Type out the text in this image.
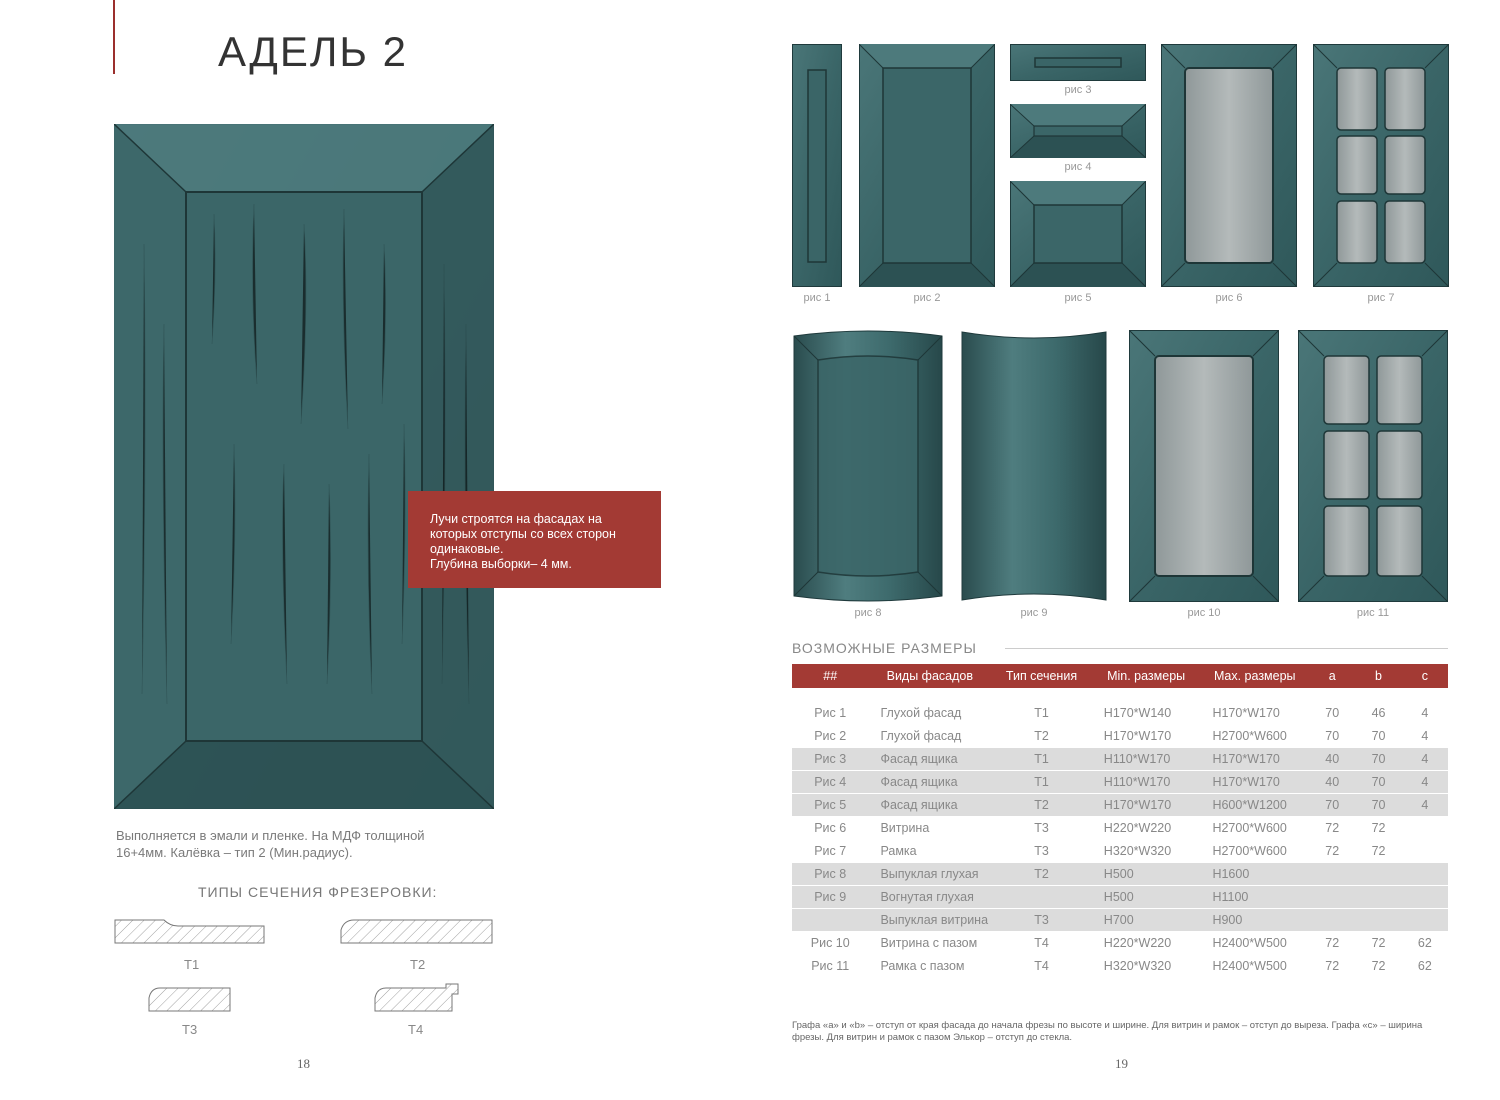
АДЕЛЬ 2
Лучи строятся на фасадах на
которых отступы со всех сторон
одинаковые.
Глубина выборки– 4 мм.
Выполняется в эмали и пленке. На МДФ толщиной
16+4мм. Калёвка – тип 2 (Мин.радиус).
ТИПЫ СЕЧЕНИЯ ФРЕЗЕРОВКИ:
T1	T2
T3	T4
18
рис 1	рис 2
рис 3
рис 4
рис 5	рис 6	рис 7
рис 8	рис 9	рис 10	рис 11
ВОЗМОЖНЫЕ РАЗМЕРЫ
##	Виды фасадов	Тип сечения	Min. размеры	Max. размеры	a	b	c

Рис 1	Глухой фасад	T1	H170*W140	H170*W170	70	46	4
Рис 2	Глухой фасад	T2	H170*W170	H2700*W600	70	70	4
Рис 3	Фасад ящика	T1	H110*W170	H170*W170	40	70	4
Рис 4	Фасад ящика	T1	H110*W170	H170*W170	40	70	4
Рис 5	Фасад ящика	T2	H170*W170	H600*W1200	70	70	4
Рис 6	Витрина	T3	H220*W220	H2700*W600	72	72	
Рис 7	Рамка	T3	H320*W320	H2700*W600	72	72	
Рис 8	Выпуклая глухая	T2	H500	H1600			
Рис 9	Вогнутая глухая		H500	H1100			
	Выпуклая витрина	T3	H700	H900			
Рис 10	Витрина с пазом	T4	H220*W220	H2400*W500	72	72	62
Рис 11	Рамка с пазом	T4	H320*W320	H2400*W500	72	72	62
Графа «а» и «b» – отступ от края фасада до начала фрезы по высоте и ширине. Для витрин и рамок – отступ до выреза. Графа «с» – ширина фрезы. Для витрин и рамок с пазом Элькор – отступ до стекла.
19
